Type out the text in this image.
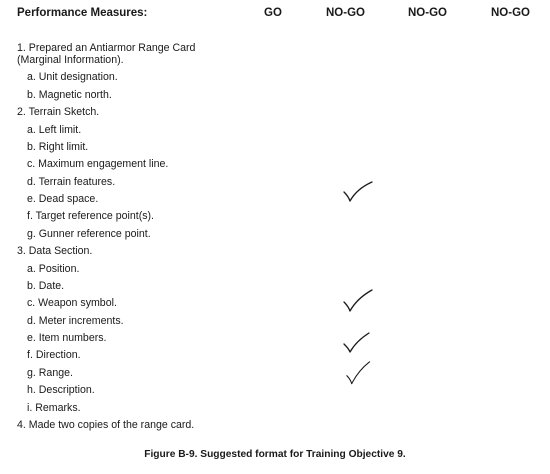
Performance Measures:	GO	NO-GO	NO-GO	NO-GO
1. Prepared an Antiarmor Range Card
(Marginal Information).
a. Unit designation.
b. Magnetic north.
2. Terrain Sketch.
a. Left limit.
b. Right limit.
c. Maximum engagement line.
d. Terrain features.
e. Dead space.
f. Target reference point(s).
g. Gunner reference point.
3. Data Section.
a. Position.
b. Date.
c. Weapon symbol.
d. Meter increments.
e. Item numbers.
f. Direction.
g. Range.
h. Description.
i. Remarks.
4. Made two copies of the range card.
Figure B-9. Suggested format for Training Objective 9.
